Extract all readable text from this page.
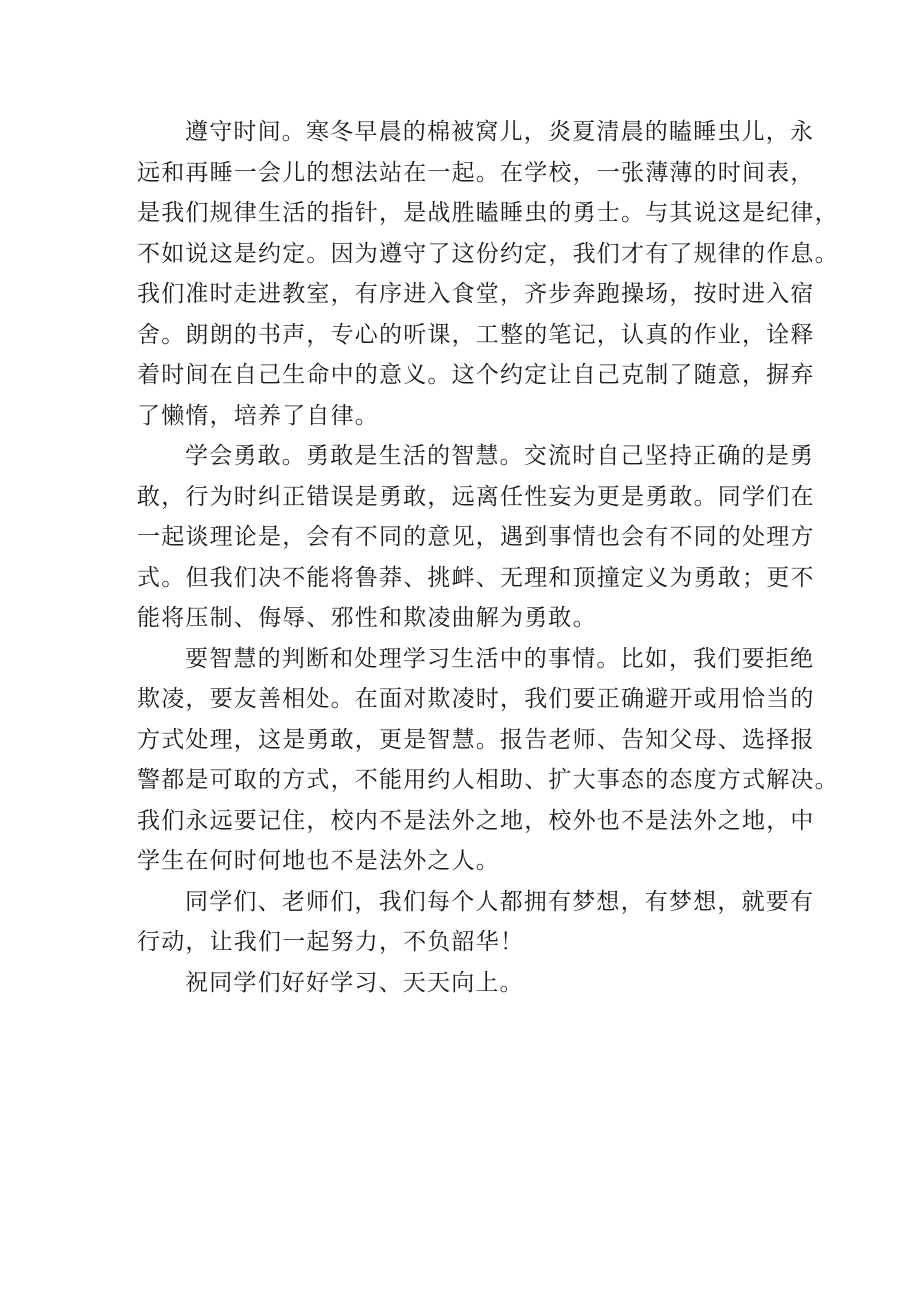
遵守时间。寒冬早晨的棉被窝儿，炎夏清晨的瞌睡虫儿，永
远和再睡一会儿的想法站在一起。在学校，一张薄薄的时间表，
是我们规律生活的指针，是战胜瞌睡虫的勇士。与其说这是纪律，
不如说这是约定。因为遵守了这份约定，我们才有了规律的作息。
我们准时走进教室，有序进入食堂，齐步奔跑操场，按时进入宿
舍。朗朗的书声，专心的听课，工整的笔记，认真的作业，诠释
着时间在自己生命中的意义。这个约定让自己克制了随意，摒弃
了懒惰，培养了自律。
学会勇敢。勇敢是生活的智慧。交流时自己坚持正确的是勇
敢，行为时纠正错误是勇敢，远离任性妄为更是勇敢。同学们在
一起谈理论是，会有不同的意见，遇到事情也会有不同的处理方
式。但我们决不能将鲁莽、挑衅、无理和顶撞定义为勇敢；更不
能将压制、侮辱、邪性和欺凌曲解为勇敢。
要智慧的判断和处理学习生活中的事情。比如，我们要拒绝
欺凌，要友善相处。在面对欺凌时，我们要正确避开或用恰当的
方式处理，这是勇敢，更是智慧。报告老师、告知父母、选择报
警都是可取的方式，不能用约人相助、扩大事态的态度方式解决。
我们永远要记住，校内不是法外之地，校外也不是法外之地，中
学生在何时何地也不是法外之人。
同学们、老师们，我们每个人都拥有梦想，有梦想，就要有
行动，让我们一起努力，不负韶华！
祝同学们好好学习、天天向上。
